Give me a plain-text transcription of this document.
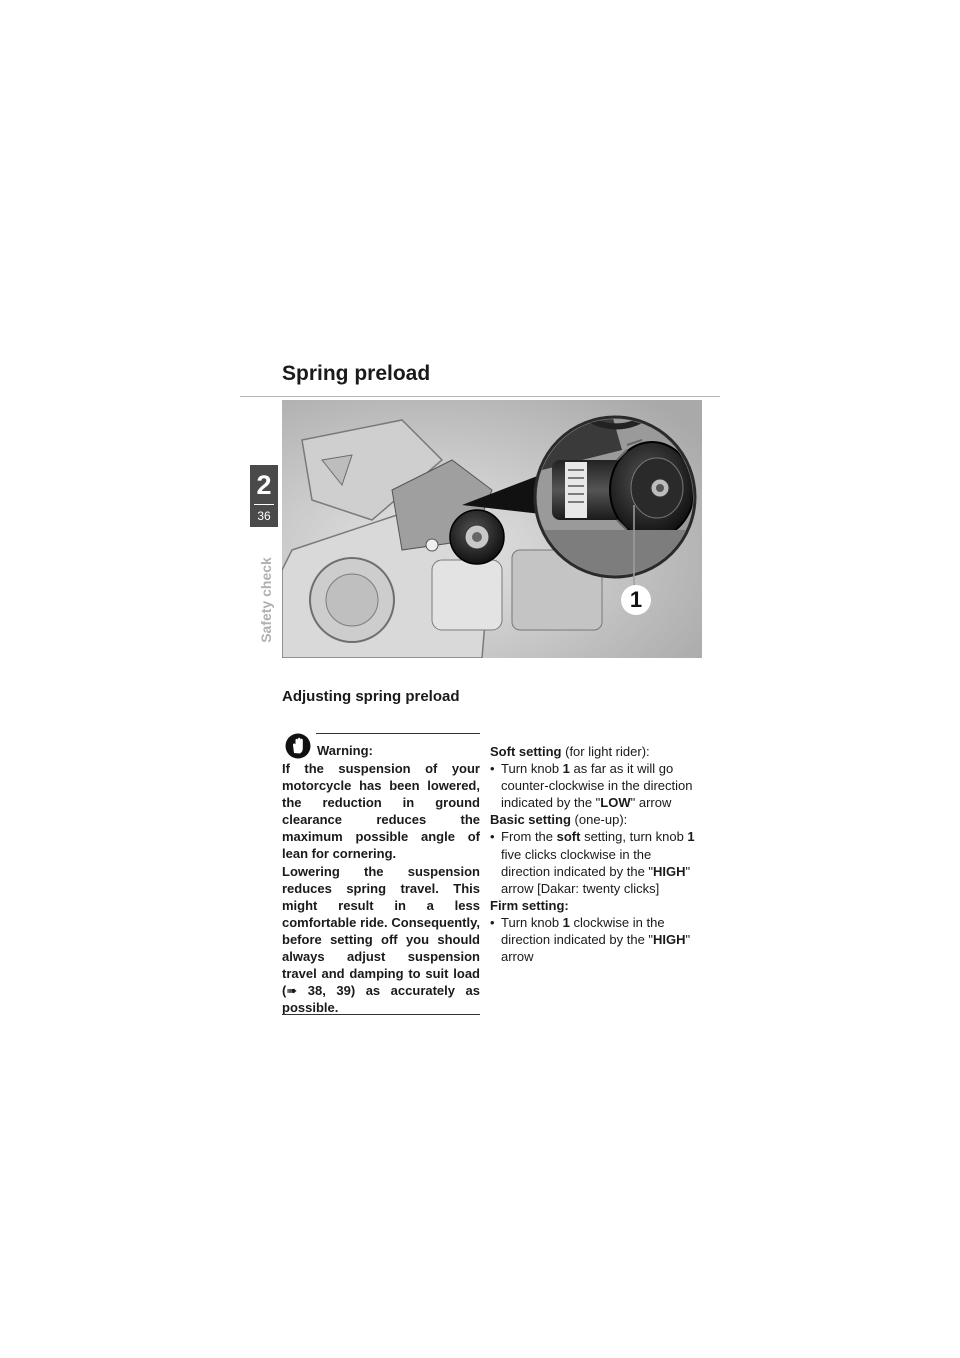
Spring preload
2
36
Safety check	1
Adjusting spring preload
Warning:

If the suspension of your motorcycle has been lowered, the reduction in ground clearance reduces the maximum possible angle of lean for cornering.

Lowering the suspension reduces spring travel. This might result in a less comfortable ride. Consequently, before setting off you should always adjust suspension travel and damping to suit load (➠ 38, 39) as accurately as possible.

Soft setting (for light rider):

• Turn knob 1 as far as it will go counter-clockwise in the direction indicated by the "LOW" arrow

Basic setting (one-up):

• From the soft setting, turn knob 1 five clicks clockwise in the direction indicated by the "HIGH" arrow [Dakar: twenty clicks]

Firm setting:

• Turn knob 1 clockwise in the direction indicated by the "HIGH" arrow
